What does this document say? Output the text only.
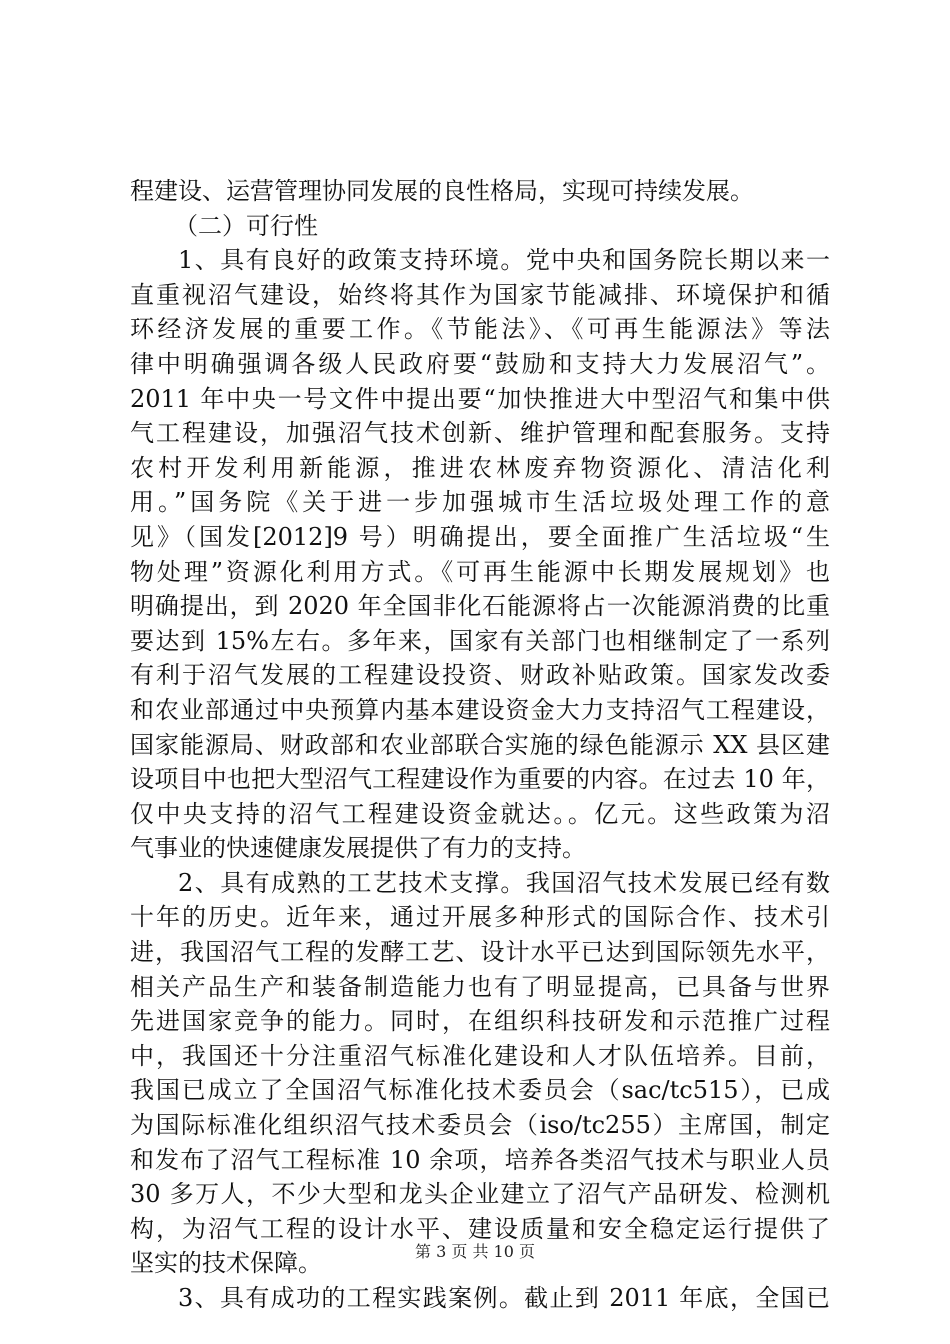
程建设、运营管理协同发展的良性格局，实现可持续发展。
（二）可行性
1、具有良好的政策支持环境。党中央和国务院长期以来一
直重视沼气建设，始终将其作为国家节能减排、环境保护和循
环经济发展的重要工作。《节能法》、《可再生能源法》等法
律中明确强调各级人民政府要“鼓励和支持大力发展沼气”。
2011 年中央一号文件中提出要“加快推进大中型沼气和集中供
气工程建设，加强沼气技术创新、维护管理和配套服务。支持
农村开发利用新能源，推进农林废弃物资源化、清洁化利
用。”国务院《关于进一步加强城市生活垃圾处理工作的意
见》（国发[2012]9 号）明确提出，要全面推广生活垃圾“生
物处理”资源化利用方式。《可再生能源中长期发展规划》也
明确提出，到 2020 年全国非化石能源将占一次能源消费的比重
要达到 15%左右。多年来，国家有关部门也相继制定了一系列
有利于沼气发展的工程建设投资、财政补贴政策。国家发改委
和农业部通过中央预算内基本建设资金大力支持沼气工程建设，
国家能源局、财政部和农业部联合实施的绿色能源示 XX 县区建
设项目中也把大型沼气工程建设作为重要的内容。在过去 10 年，
仅中央支持的沼气工程建设资金就达。。亿元。这些政策为沼
气事业的快速健康发展提供了有力的支持。
2、具有成熟的工艺技术支撑。我国沼气技术发展已经有数
十年的历史。近年来，通过开展多种形式的国际合作、技术引
进，我国沼气工程的发酵工艺、设计水平已达到国际领先水平，
相关产品生产和装备制造能力也有了明显提高，已具备与世界
先进国家竞争的能力。同时，在组织科技研发和示范推广过程
中，我国还十分注重沼气标准化建设和人才队伍培养。目前，
我国已成立了全国沼气标准化技术委员会（sac/tc515），已成
为国际标准化组织沼气技术委员会（iso/tc255）主席国，制定
和发布了沼气工程标准 10 余项，培养各类沼气技术与职业人员
30 多万人，不少大型和龙头企业建立了沼气产品研发、检测机
构，为沼气工程的设计水平、建设质量和安全稳定运行提供了
坚实的技术保障。
3、具有成功的工程实践案例。截止到 2011 年底，全国已
第 3 页 共 10 页
